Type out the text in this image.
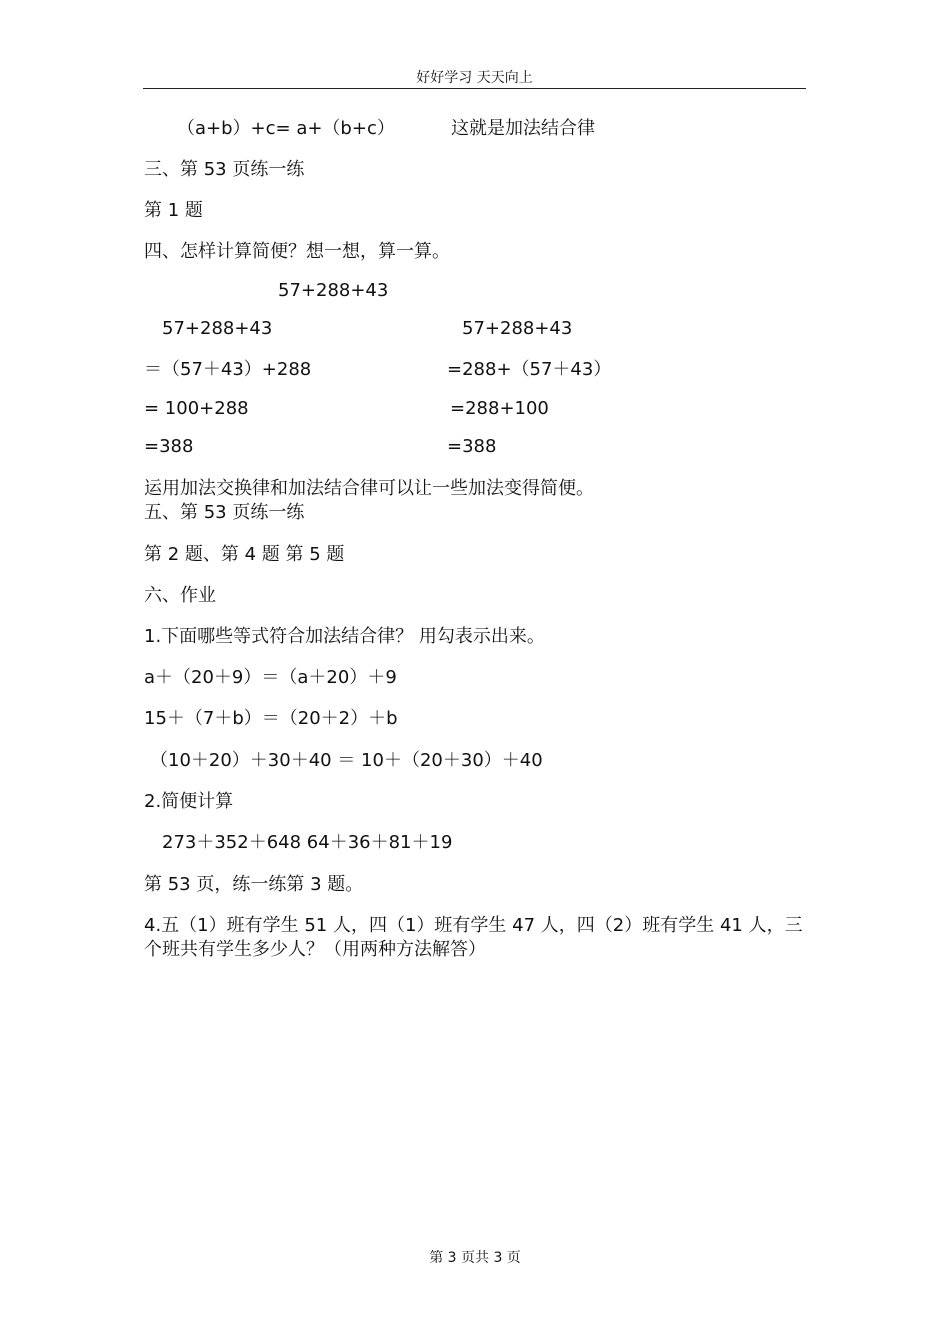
好好学习 天天向上
（a+b）+c= a+（b+c）	这就是加法结合律
三、第 53 页练一练
第 1 题
四、怎样计算简便？想一想，算一算。
57+288+43
57+288+43	57+288+43
＝（57＋43）+288	=288+（57＋43）
= 100+288	=288+100
=388	=388
运用加法交换律和加法结合律可以让一些加法变得简便。
五、第 53 页练一练
第 2 题、第 4 题 第 5 题
六、作业
1.下面哪些等式符合加法结合律？ 用勾表示出来。
a＋（20＋9）＝（a＋20）＋9
15＋（7＋b）＝（20＋2）＋b
（10＋20）＋30＋40 ＝ 10＋（20＋30）＋40
2.简便计算
273＋352＋648 64＋36＋81＋19
第 53 页，练一练第 3 题。
4.五（1）班有学生 51 人，四（1）班有学生 47 人，四（2）班有学生 41 人，三个班共有学生多少人？（用两种方法解答）
第 3 页共 3 页
